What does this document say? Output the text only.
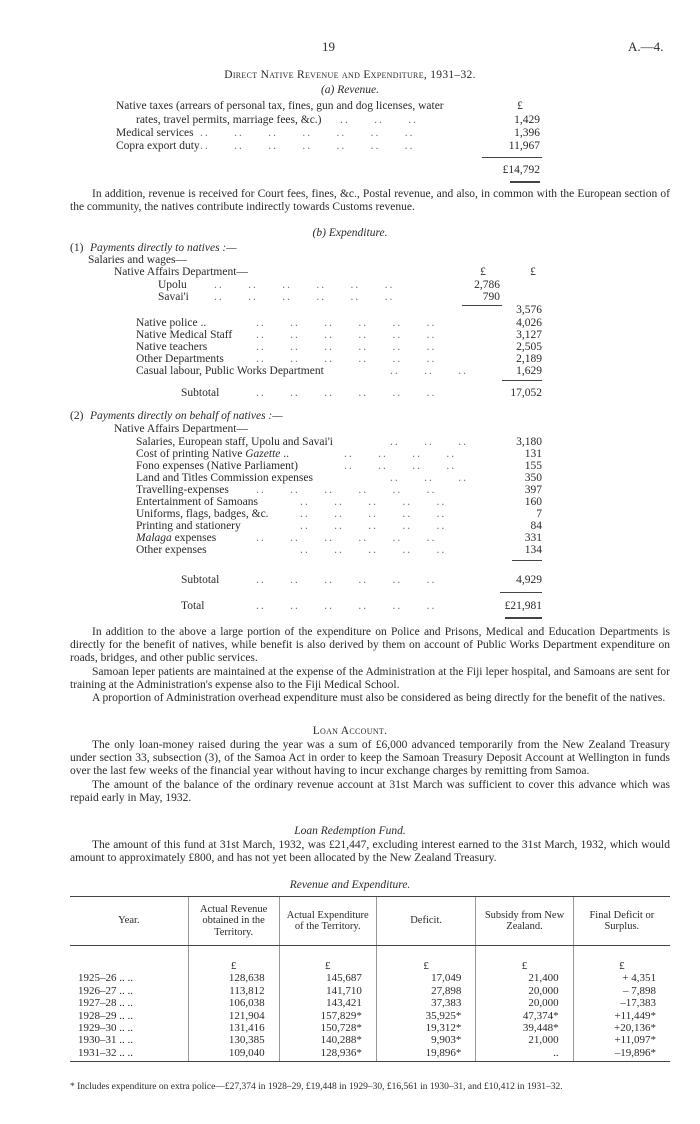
19	A.—4.
Direct Native Revenue and Expenditure, 1931–32.
(a) Revenue.
Native taxes (arrears of personal tax, fines, gun and dog licenses, water	£
rates, travel permits, marriage fees, &c.) ..     ..     ..	1,429
Medical services ..     ..     ..     ..     ..     ..     ..	1,396
Copra export duty ..     ..     ..     ..     ..     ..     ..	11,967
£14,792

In addition, revenue is received for Court fees, fines, &c., Postal revenue, and also, in common with the European section of the community, the natives contribute indirectly towards Customs revenue.

(b) Expenditure.
(1) Payments directly to natives :—
Salaries and wages—
Native Affairs Department—	£	£
Upolu ..     ..     ..     ..     ..     ..	2,786
Savai'i ..     ..     ..     ..     ..     ..	790
3,576
Native police ..	..     ..     ..     ..     ..     ..	4,026
Native Medical Staff ..     ..     ..     ..     ..     ..	3,127
Native teachers	..     ..     ..     ..     ..     ..	2,505
Other Departments	..     ..     ..     ..     ..     ..	2,189
Casual labour, Public Works Department	..     ..     ..	1,629
Subtotal	..     ..     ..     ..     ..     ..	17,052
(2) Payments directly on behalf of natives :—
Native Affairs Department—
Salaries, European staff, Upolu and Savai'i	..     ..     ..	3,180
Cost of printing Native Gazette ..	..     ..     ..     ..	131
Fono expenses (Native Parliament)	..     ..     ..     ..	155
Land and Titles Commission expenses	..     ..     ..	350
Travelling-expenses ..     ..     ..     ..     ..     ..	397
Entertainment of Samoans	..     ..     ..     ..     ..	160
Uniforms, flags, badges, &c.	..     ..     ..     ..     ..	7
Printing and stationery	..     ..     ..     ..     ..	84
Malaga expenses	..     ..     ..     ..     ..     ..	331
Other expenses	..     ..     ..     ..     ..	134
Subtotal	..     ..     ..     ..     ..     ..	4,929
Total	..     ..     ..     ..     ..     ..	£21,981

In addition to the above a large portion of the expenditure on Police and Prisons, Medical and Education Departments is directly for the benefit of natives, while benefit is also derived by them on account of Public Works Department expenditure on roads, bridges, and other public services.

Samoan leper patients are maintained at the expense of the Administration at the Fiji leper hospital, and Samoans are sent for training at the Administration's expense also to the Fiji Medical School.

A proportion of Administration overhead expenditure must also be considered as being directly for the benefit of the natives.

Loan Account.

The only loan-money raised during the year was a sum of £6,000 advanced temporarily from the New Zealand Treasury under section 33, subsection (3), of the Samoa Act in order to keep the Samoan Treasury Deposit Account at Wellington in funds over the last few weeks of the financial year without having to incur exchange charges by remitting from Samoa.

The amount of the balance of the ordinary revenue account at 31st March was sufficient to cover this advance which was repaid early in May, 1932.

Loan Redemption Fund.

The amount of this fund at 31st March, 1932, was £21,447, excluding interest earned to the 31st March, 1932, which would amount to approximately £800, and has not yet been allocated by the New Zealand Treasury.

Revenue and Expenditure.
Year.	Actual Revenue obtained in the Territory.	Actual Expenditure of the Territory.	Deficit.	Subsidy from New Zealand.	Final Deficit or Surplus.
	£	£	£	£	£
1925–26 .. ..	128,638	145,687	17,049	21,400	+ 4,351
1926–27 .. ..	113,812	141,710	27,898	20,000	– 7,898
1927–28 .. ..	106,038	143,421	37,383	20,000	–17,383
1928–29 .. ..	121,904	157,829*	35,925*	47,374*	+11,449*
1929–30 .. ..	131,416	150,728*	19,312*	39,448*	+20,136*
1930–31 .. ..	130,385	140,288*	9,903*	21,000	+11,097*
1931–32 .. ..	109,040	128,936*	19,896*	..	–19,896*
* Includes expenditure on extra police—£27,374 in 1928–29, £19,448 in 1929–30, £16,561 in 1930–31, and £10,412 in 1931–32.
